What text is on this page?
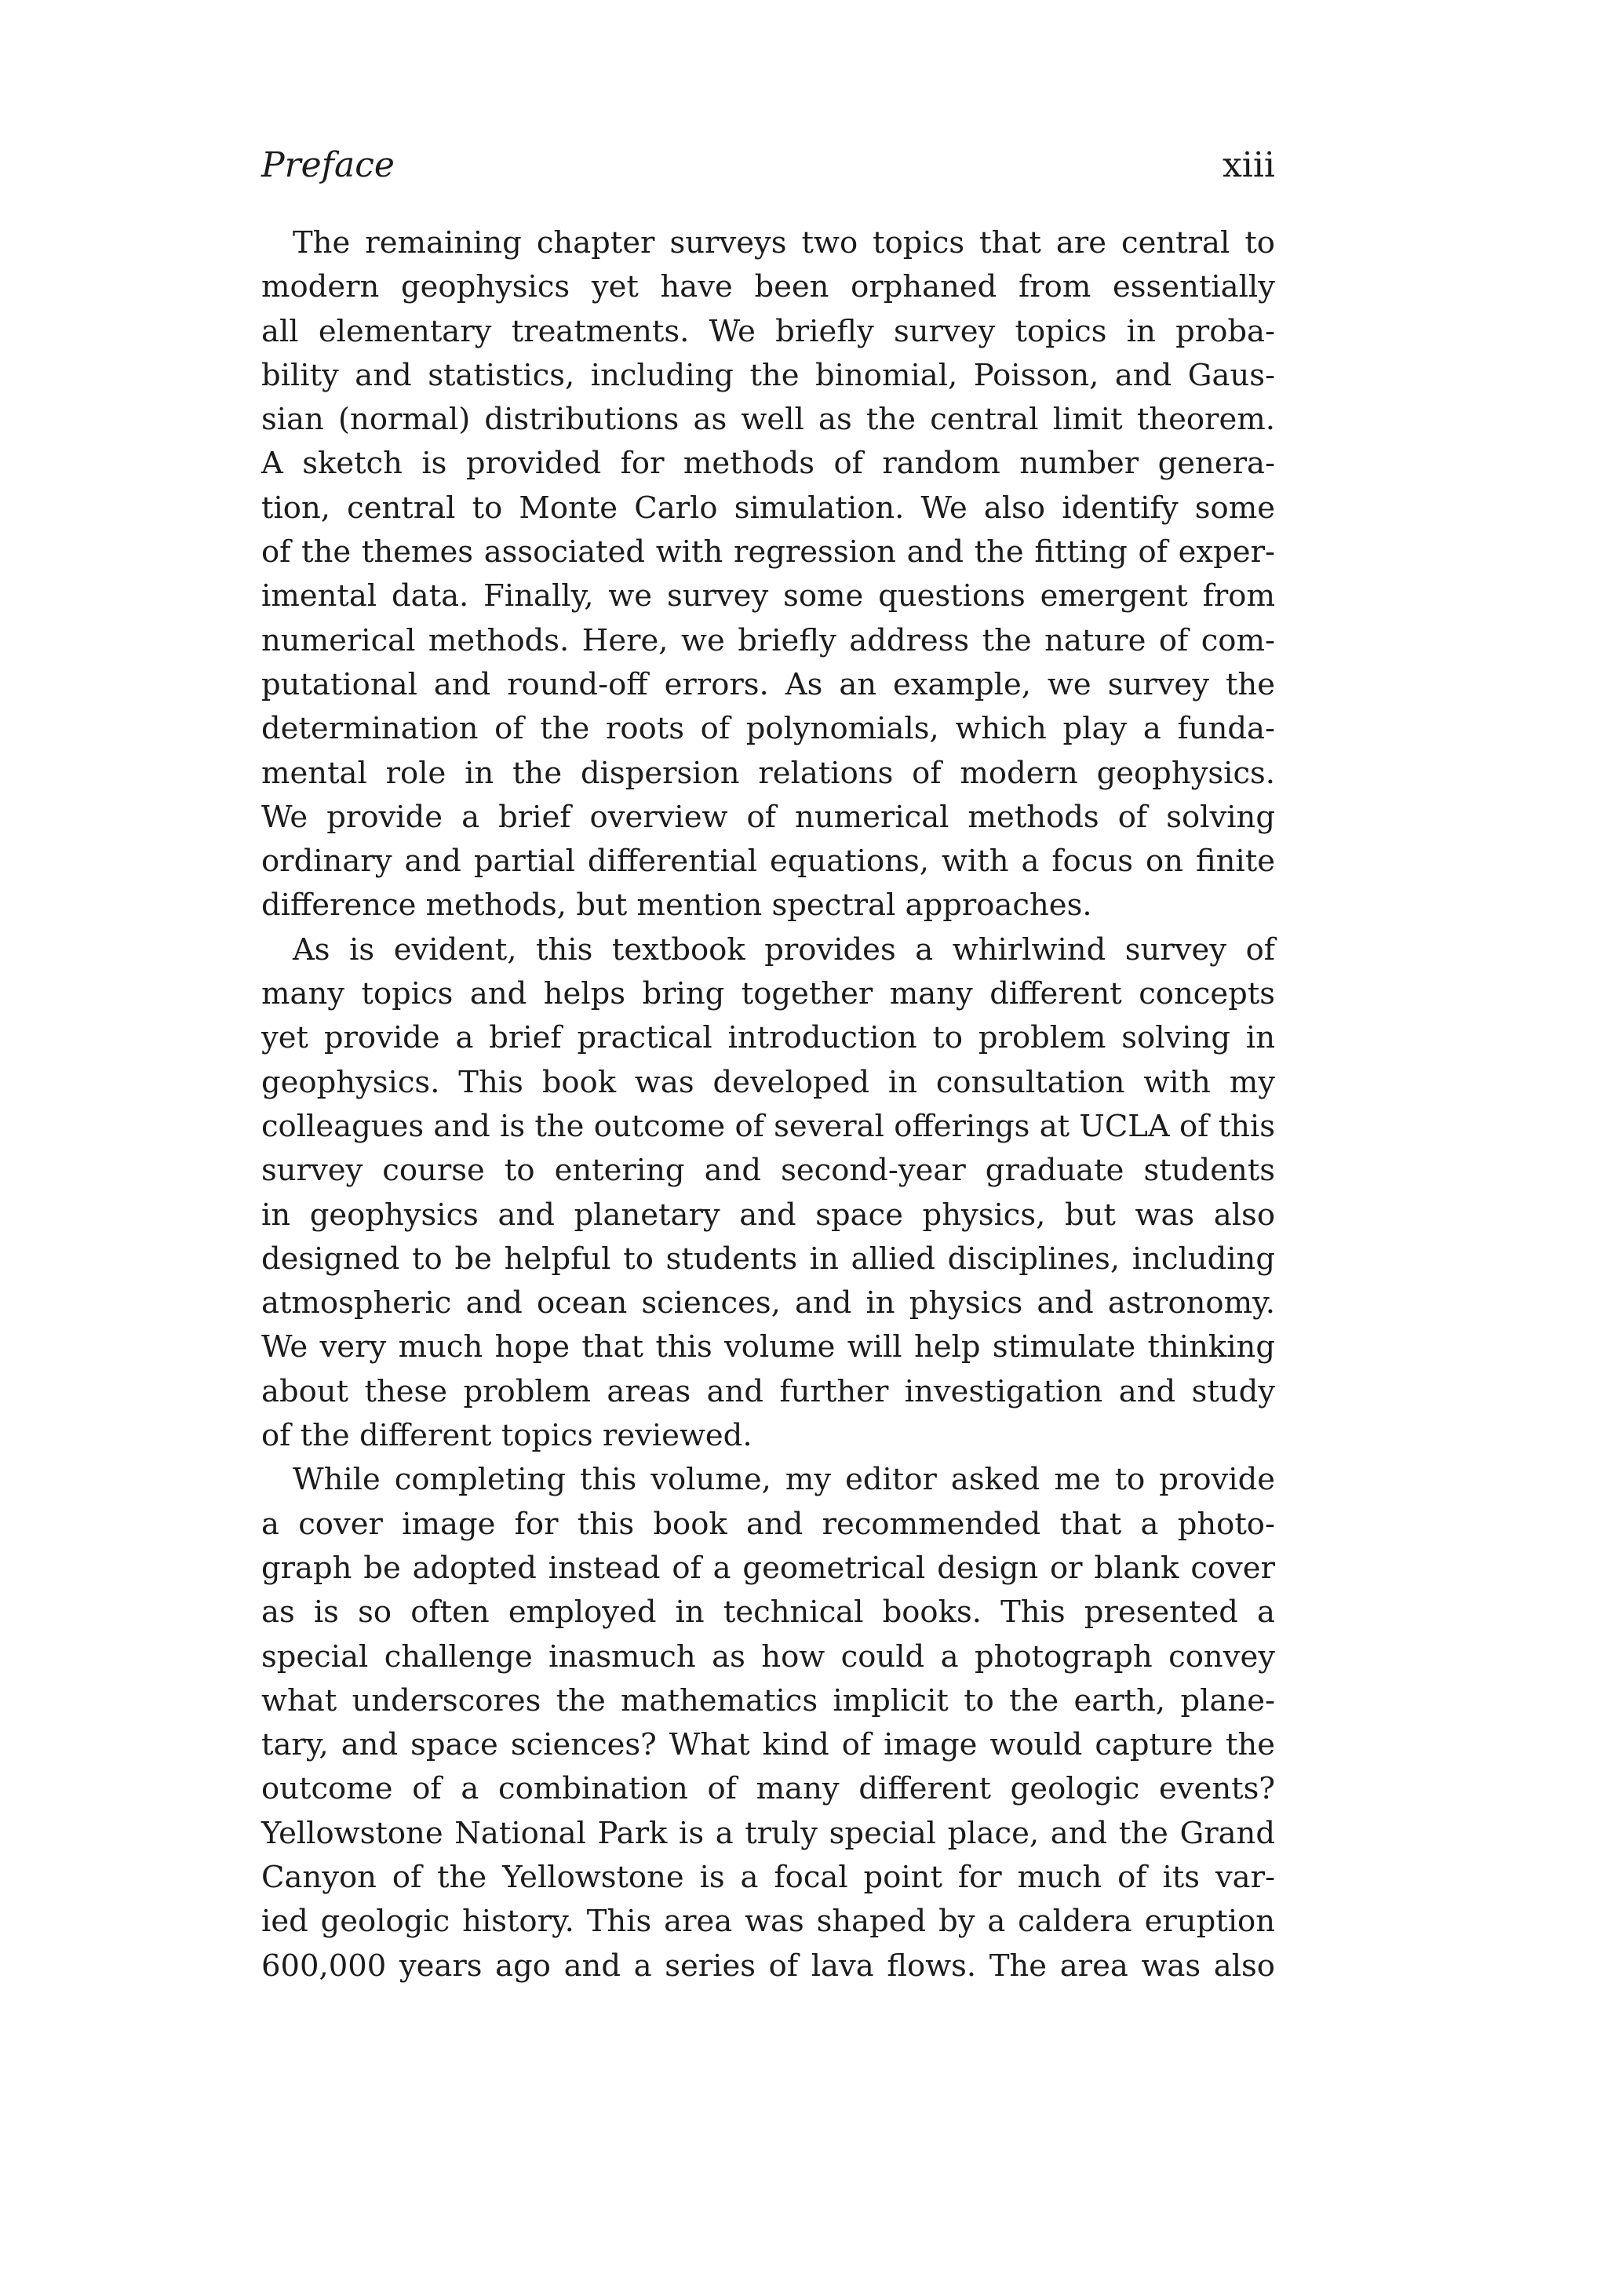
Preface	xiii
The remaining chapter surveys two topics that are central to
modern geophysics yet have been orphaned from essentially
all elementary treatments. We briefly survey topics in proba-
bility and statistics, including the binomial, Poisson, and Gaus-
sian (normal) distributions as well as the central limit theorem.
A sketch is provided for methods of random number genera-
tion, central to Monte Carlo simulation. We also identify some
of the themes associated with regression and the fitting of exper-
imental data. Finally, we survey some questions emergent from
numerical methods. Here, we briefly address the nature of com-
putational and round-off errors. As an example, we survey the
determination of the roots of polynomials, which play a funda-
mental role in the dispersion relations of modern geophysics.
We provide a brief overview of numerical methods of solving
ordinary and partial differential equations, with a focus on finite
difference methods, but mention spectral approaches.
As is evident, this textbook provides a whirlwind survey of
many topics and helps bring together many different concepts
yet provide a brief practical introduction to problem solving in
geophysics. This book was developed in consultation with my
colleagues and is the outcome of several offerings at UCLA of this
survey course to entering and second-year graduate students
in geophysics and planetary and space physics, but was also
designed to be helpful to students in allied disciplines, including
atmospheric and ocean sciences, and in physics and astronomy.
We very much hope that this volume will help stimulate thinking
about these problem areas and further investigation and study
of the different topics reviewed.
While completing this volume, my editor asked me to provide
a cover image for this book and recommended that a photo-
graph be adopted instead of a geometrical design or blank cover
as is so often employed in technical books. This presented a
special challenge inasmuch as how could a photograph convey
what underscores the mathematics implicit to the earth, plane-
tary, and space sciences? What kind of image would capture the
outcome of a combination of many different geologic events?
Yellowstone National Park is a truly special place, and the Grand
Canyon of the Yellowstone is a focal point for much of its var-
ied geologic history. This area was shaped by a caldera eruption
600,000 years ago and a series of lava flows. The area was also
